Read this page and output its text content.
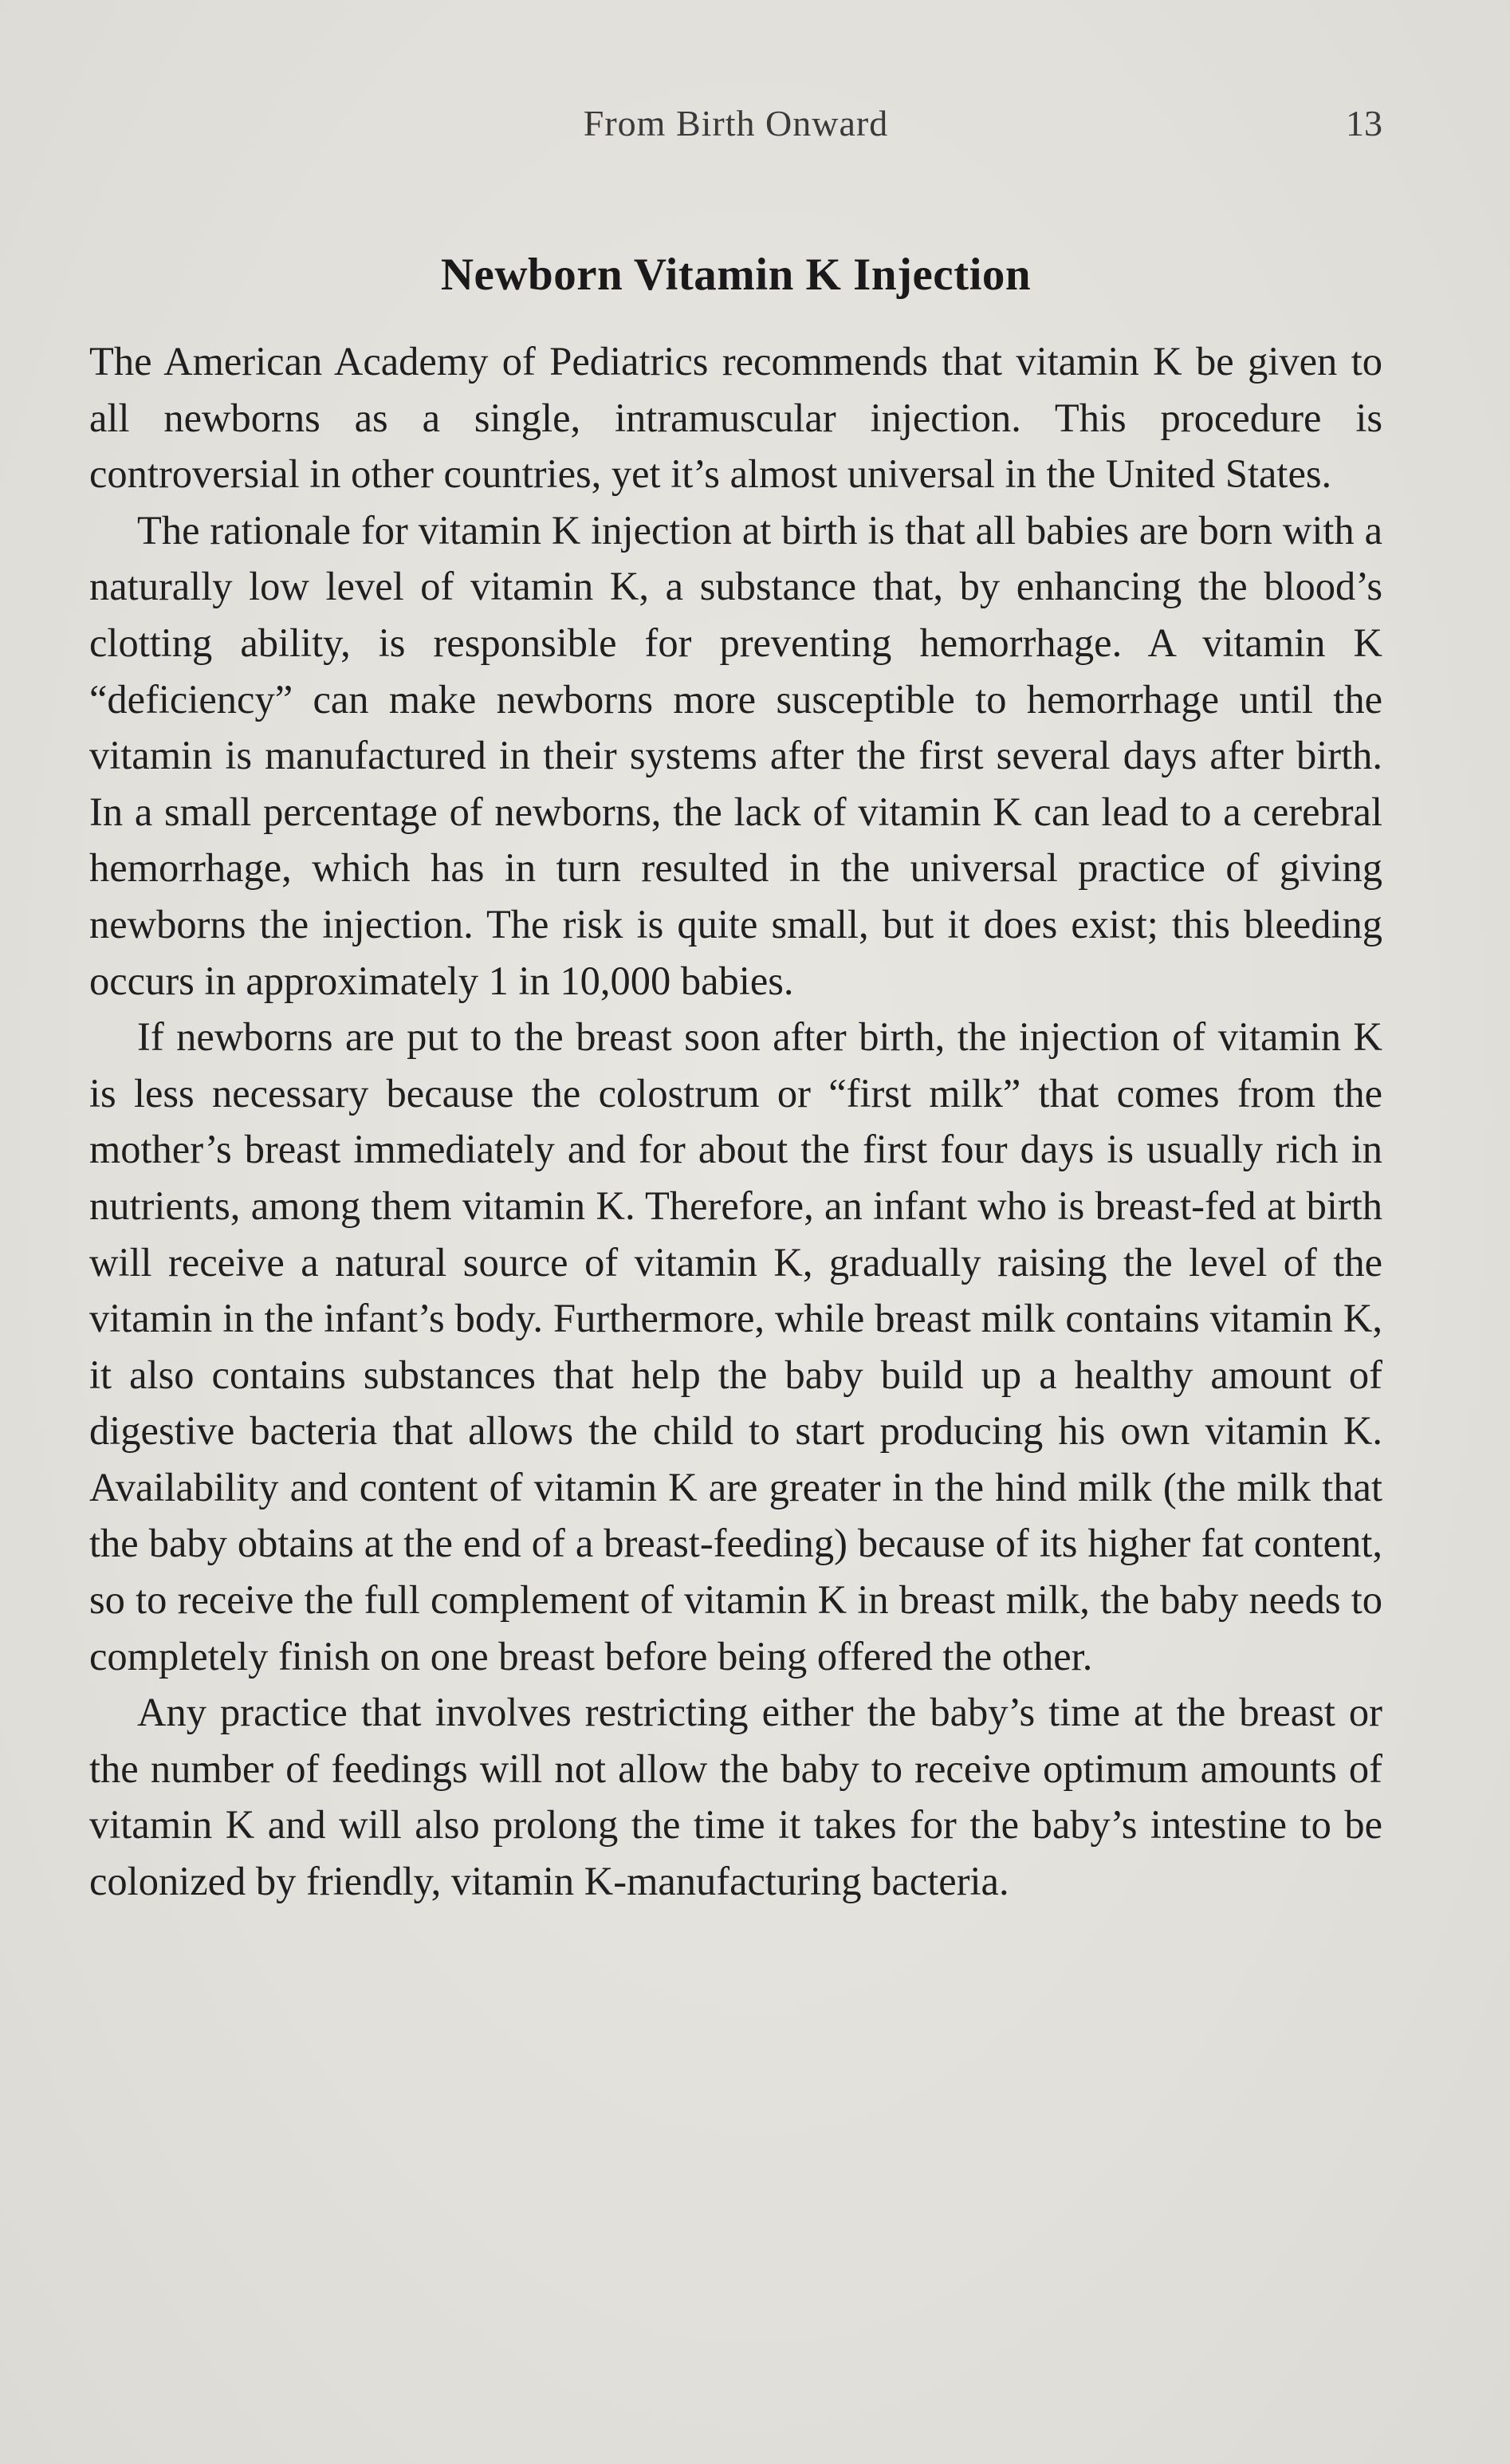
From Birth Onward	13
Newborn Vitamin K Injection

The American Academy of Pediatrics recommends that vitamin K be given to all newborns as a single, intramuscular injection. This procedure is controversial in other countries, yet it’s almost universal in the United States.

The rationale for vitamin K injection at birth is that all babies are born with a naturally low level of vitamin K, a substance that, by enhancing the blood’s clotting ability, is responsible for preventing hemorrhage. A vitamin K “deficiency” can make newborns more susceptible to hemorrhage until the vitamin is manufactured in their systems after the first several days after birth. In a small percentage of newborns, the lack of vitamin K can lead to a cerebral hemorrhage, which has in turn resulted in the universal practice of giving newborns the injection. The risk is quite small, but it does exist; this bleeding occurs in approximately 1 in 10,000 babies.

If newborns are put to the breast soon after birth, the injection of vitamin K is less necessary because the colostrum or “first milk” that comes from the mother’s breast immediately and for about the first four days is usually rich in nutrients, among them vitamin K. Therefore, an infant who is breast-fed at birth will receive a natural source of vitamin K, gradually raising the level of the vitamin in the infant’s body. Furthermore, while breast milk contains vitamin K, it also contains substances that help the baby build up a healthy amount of digestive bacteria that allows the child to start producing his own vitamin K. Availability and content of vitamin K are greater in the hind milk (the milk that the baby obtains at the end of a breast-feeding) because of its higher fat content, so to receive the full complement of vitamin K in breast milk, the baby needs to completely finish on one breast before being offered the other.

Any practice that involves restricting either the baby’s time at the breast or the number of feedings will not allow the baby to receive optimum amounts of vitamin K and will also prolong the time it takes for the baby’s intestine to be colonized by friendly, vitamin K-manufacturing bacteria.
